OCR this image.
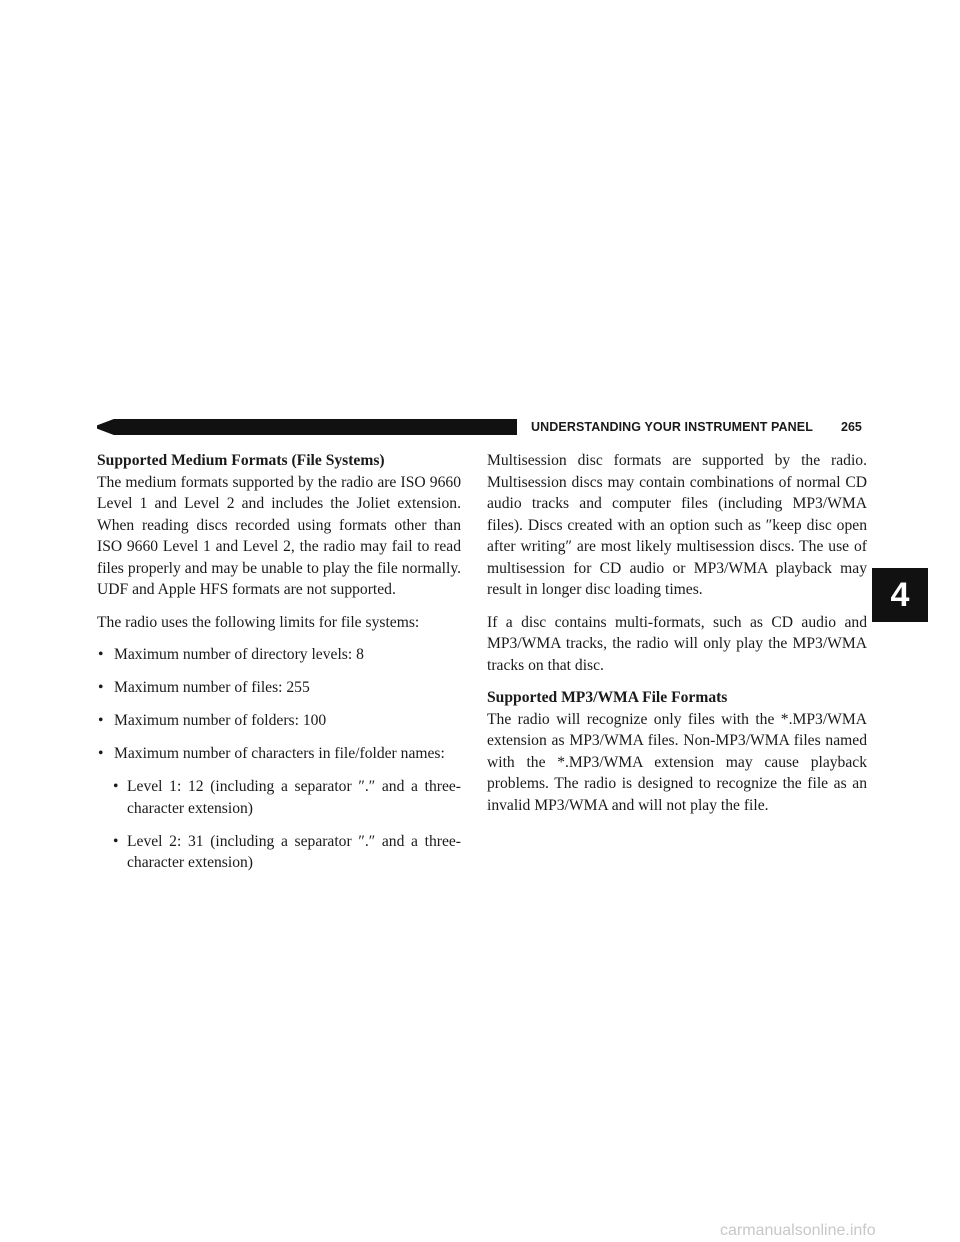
UNDERSTANDING YOUR INSTRUMENT PANEL 265
4
Supported Medium Formats (File Systems)

The medium formats supported by the radio are ISO 9660 Level 1 and Level 2 and includes the Joliet extension. When reading discs recorded using formats other than ISO 9660 Level 1 and Level 2, the radio may fail to read files properly and may be unable to play the file normally. UDF and Apple HFS formats are not supported.

The radio uses the following limits for file systems:

• Maximum number of directory levels: 8
• Maximum number of files: 255
• Maximum number of folders: 100
• Maximum number of characters in file/folder names:
• Level 1: 12 (including a separator ″.″ and a three-character extension)
• Level 2: 31 (including a separator ″.″ and a three-character extension)

Multisession disc formats are supported by the radio. Multisession discs may contain combinations of normal CD audio tracks and computer files (including MP3/WMA files). Discs created with an option such as ″keep disc open after writing″ are most likely multisession discs. The use of multisession for CD audio or MP3/WMA playback may result in longer disc loading times.

If a disc contains multi-formats, such as CD audio and MP3/WMA tracks, the radio will only play the MP3/WMA tracks on that disc.

Supported MP3/WMA File Formats

The radio will recognize only files with the *.MP3/WMA extension as MP3/WMA files. Non-MP3/WMA files named with the *.MP3/WMA extension may cause playback problems. The radio is designed to recognize the file as an invalid MP3/WMA and will not play the file.

carmanualsonline.info
